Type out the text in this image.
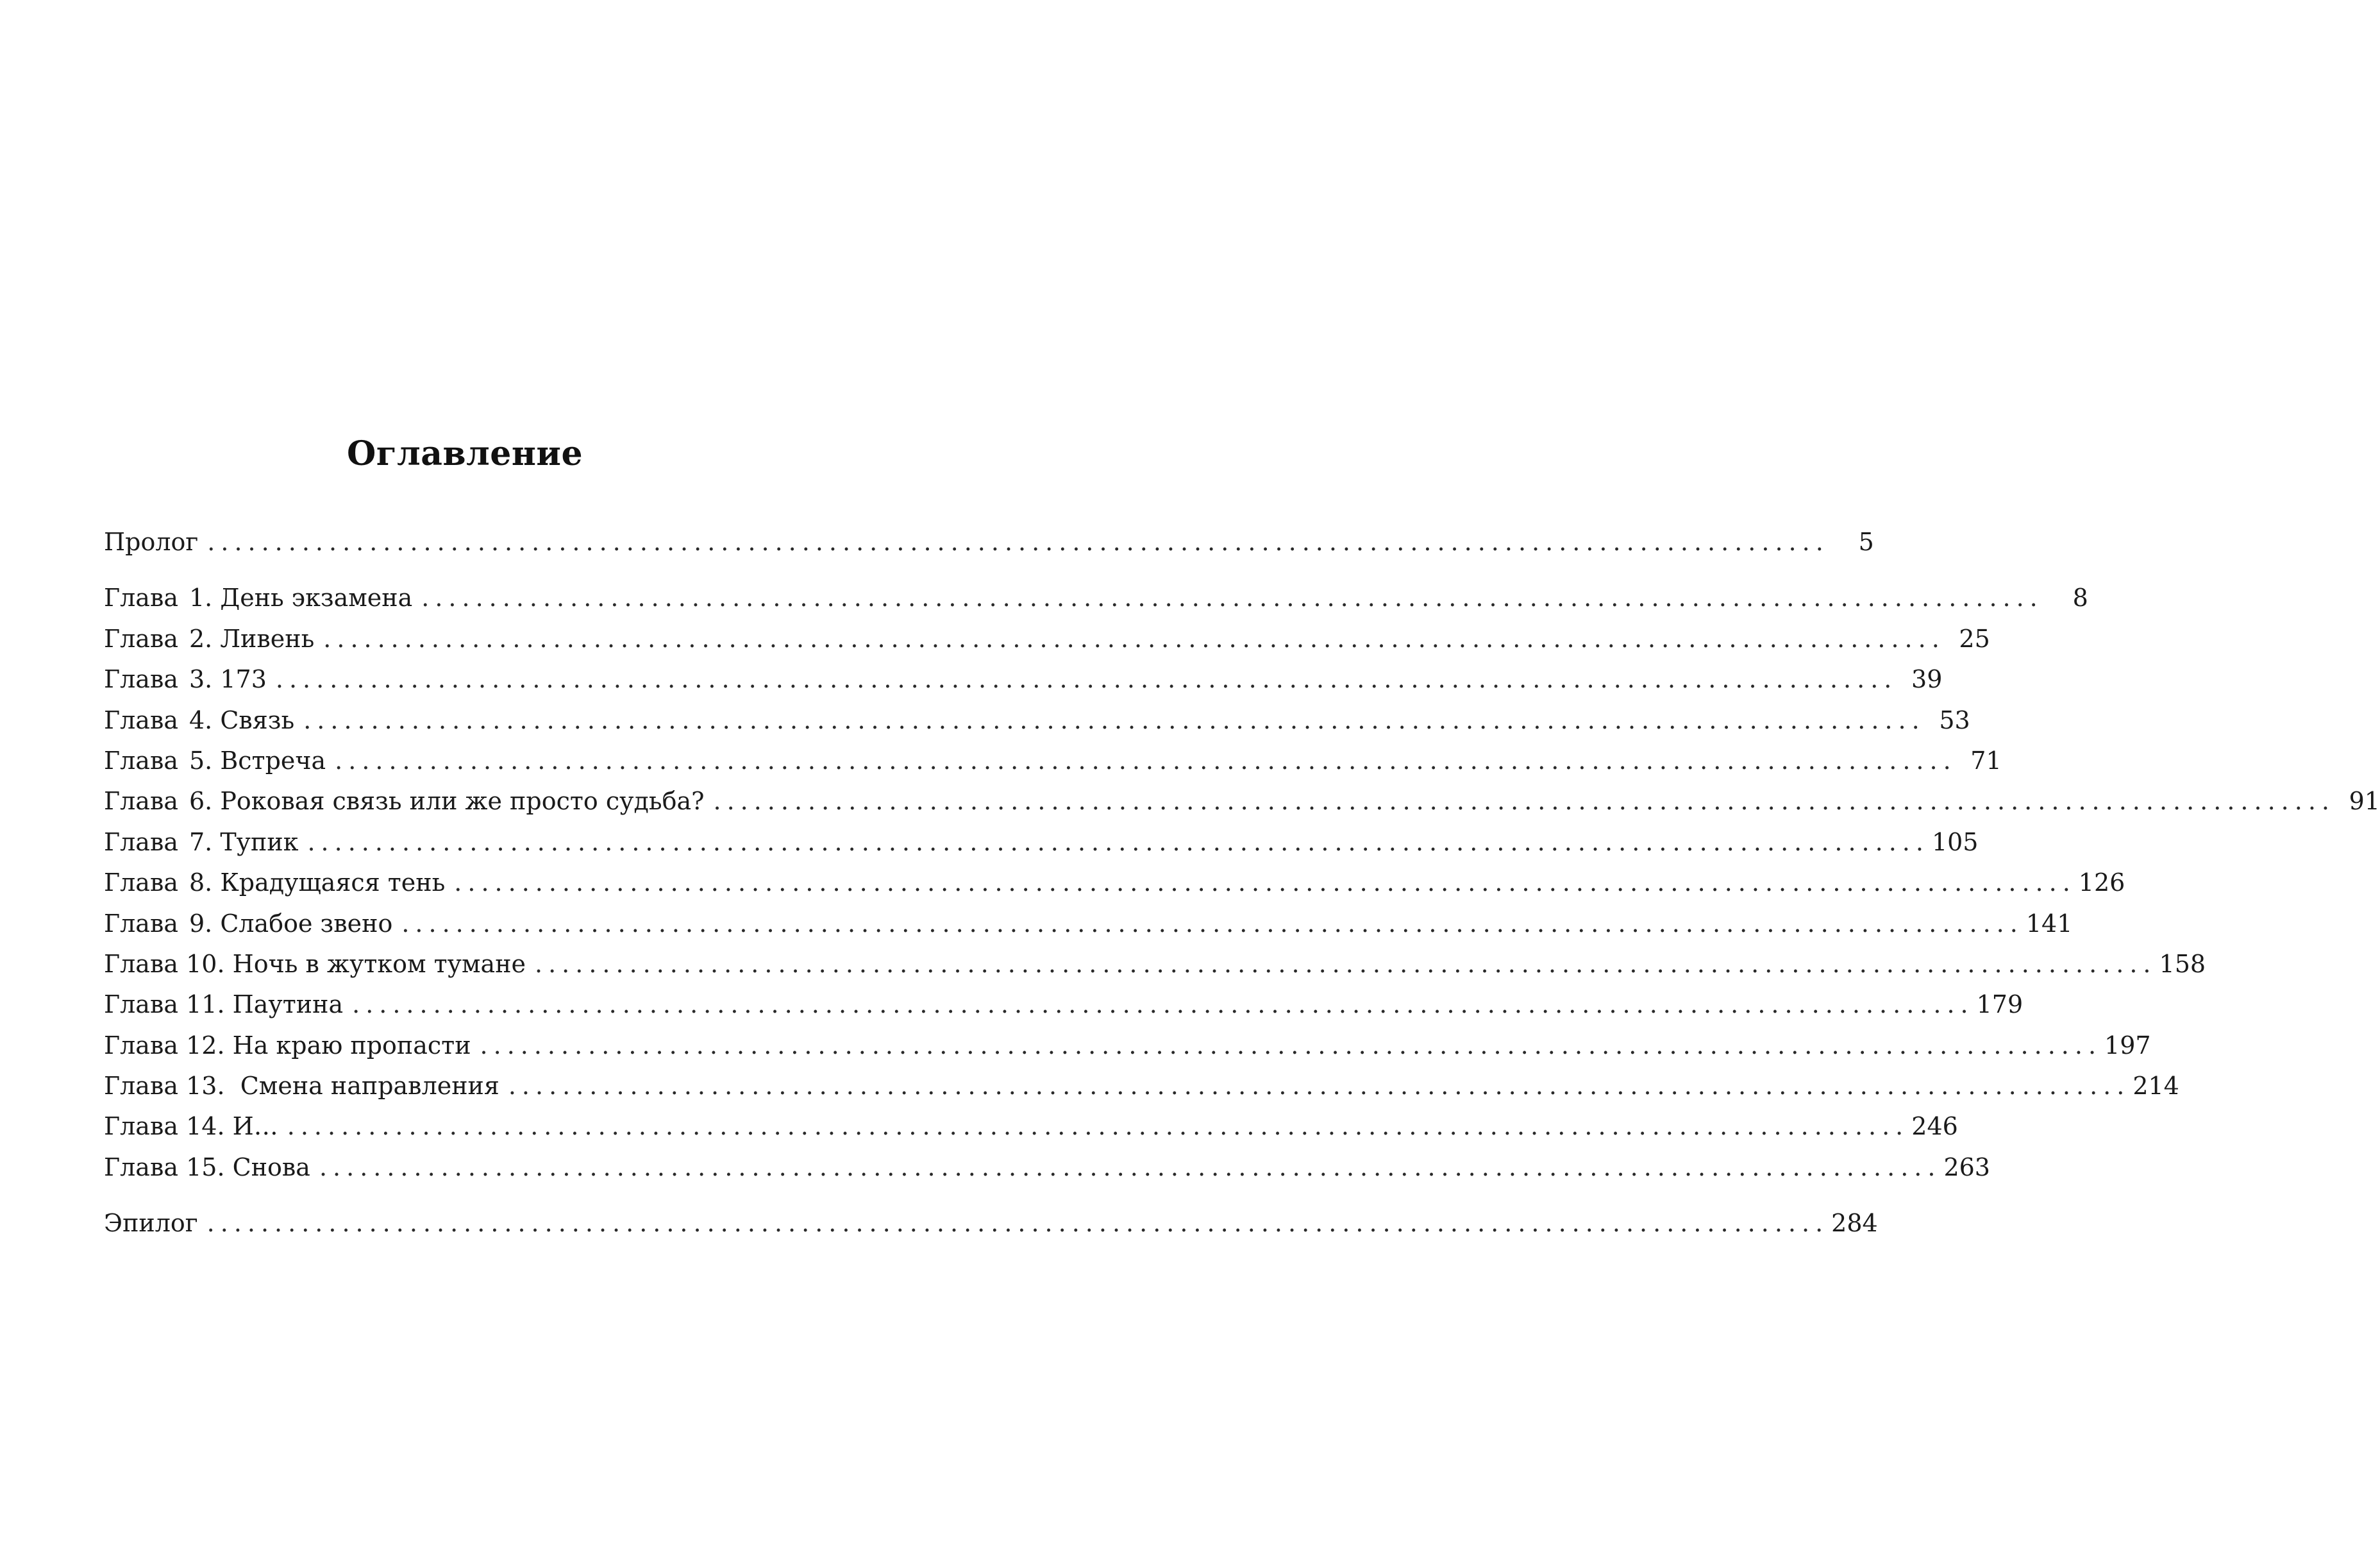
Оглавление
Пролог ........................................................................................................................	5
Глава 1. День экзамена ........................................................................................................................	8
Глава 2. Ливень ........................................................................................................................ 25
Глава 3. 173 ........................................................................................................................ 39
Глава 4. Связь ........................................................................................................................ 53
Глава 5. Встреча ........................................................................................................................ 71
Глава 6. Роковая связь или же просто судьба? ........................................................................................................................ 91
Глава 7. Тупик ........................................................................................................................ 105
Глава 8. Крадущаяся тень ........................................................................................................................ 126
Глава 9. Слабое звено ........................................................................................................................ 141
Глава
10. Ночь в жутком тумане ........................................................................................................................ 158
Глава
11. Паутина ........................................................................................................................ 179
Глава
12. На краю пропасти ........................................................................................................................ 197
Глава
13.  Смена направления ........................................................................................................................ 214
Глава
14. И… ........................................................................................................................ 246
Глава
15. Снова ........................................................................................................................ 263
Эпилог ........................................................................................................................ 284
